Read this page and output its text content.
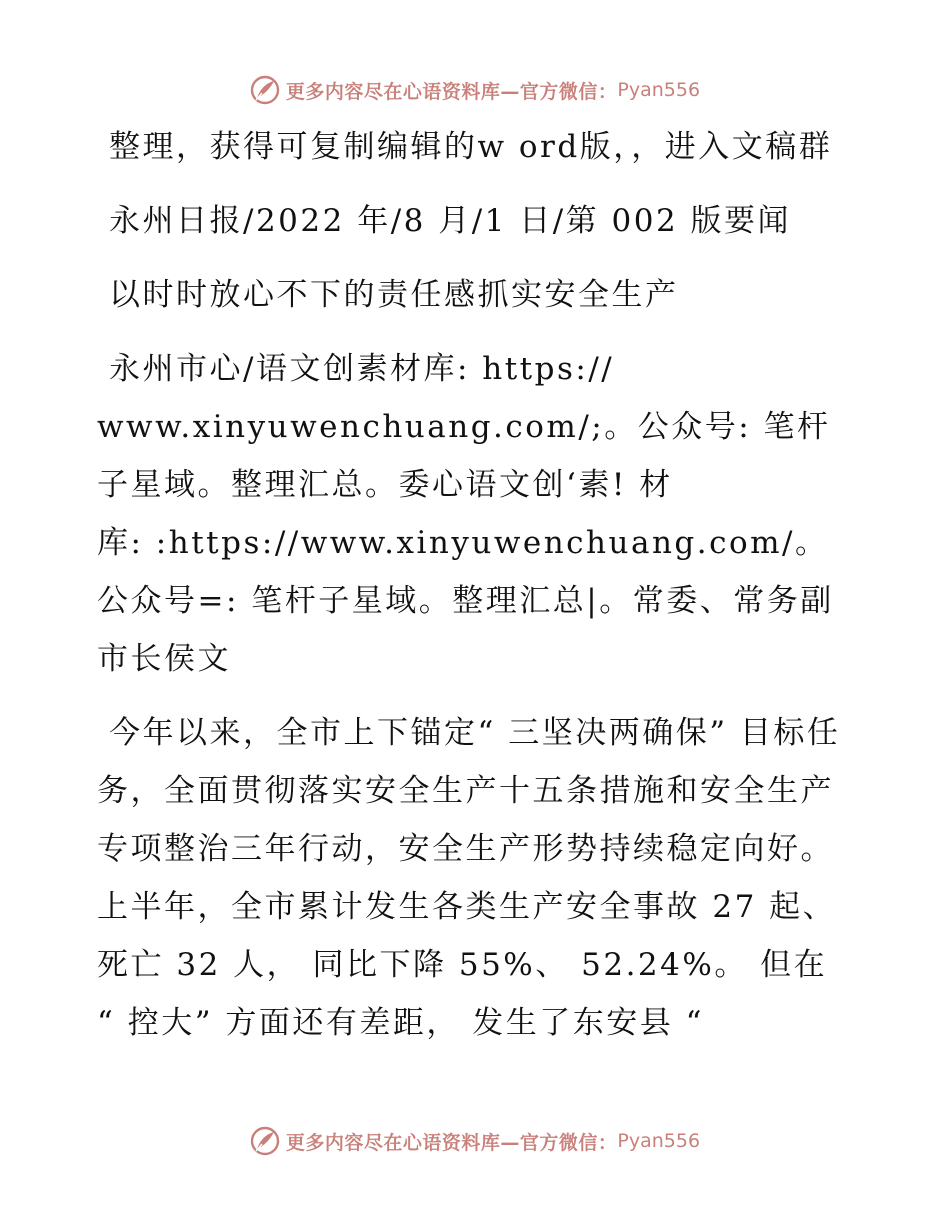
更多内容尽在心语资料库—官方微信： Pyan556

整理，获得可复制编辑的w ord版，，进入文稿群

永州日报/2022 年/8 月/1 日/第 002 版要闻

以时时放心不下的责任感抓实安全生产

永州市心/语文创素材库: https://
www.xinyuwenchuang.com/;。公众号: 笔杆子星域。整理汇总。委心语文创‘素! 材
库: :https://www.xinyuwenchuang.com/。公众号=: 笔杆子星域。整理汇总|。常委、常务副市长侯文

今年以来，全市上下锚定“ 三坚决两确保” 目标任务，全面贯彻落实安全生产十五条措施和安全生产专项整治三年行动，安全生产形势持续稳定向好。上半年，全市累计发生各类生产安全事故 27 起、 死亡 32 人， 同比下降 55%、 52.24%。 但在 “ 控大” 方面还有差距， 发生了东安县 “

更多内容尽在心语资料库—官方微信： Pyan556
